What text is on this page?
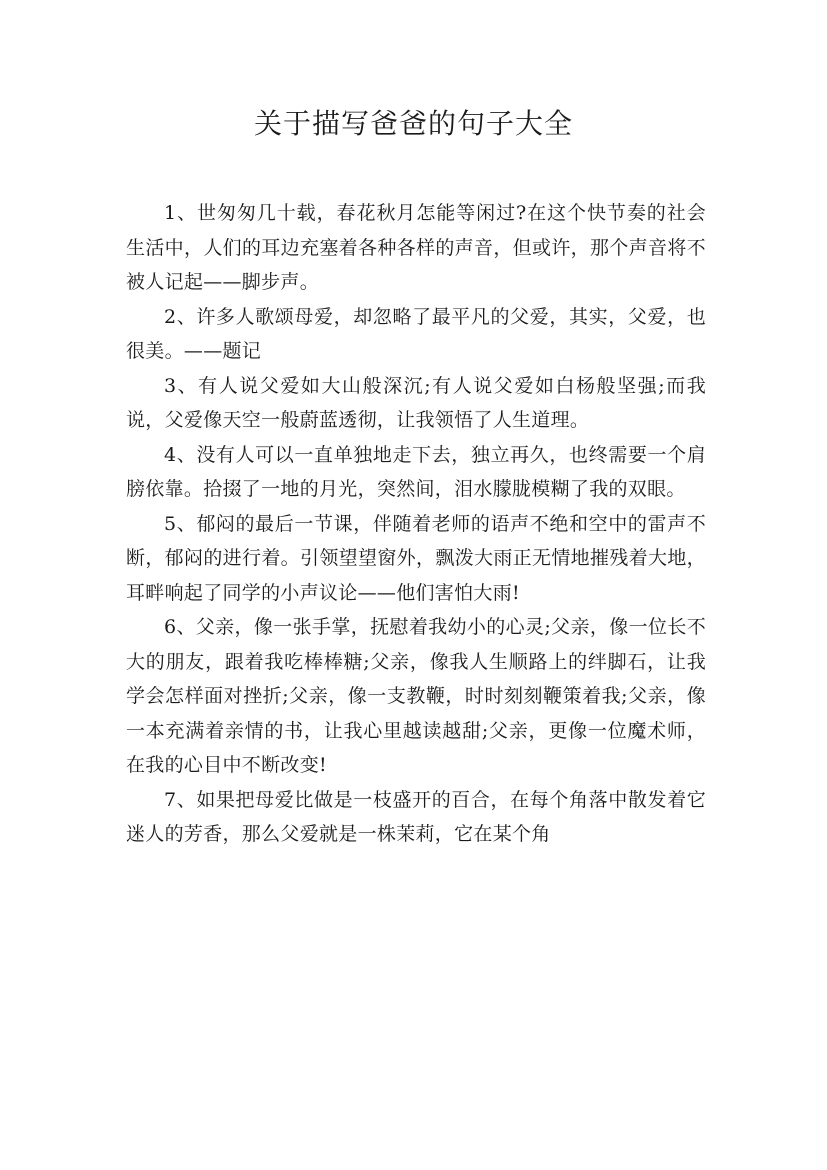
关于描写爸爸的句子大全

1、世匆匆几十载，春花秋月怎能等闲过?在这个快节奏的社会生活中，人们的耳边充塞着各种各样的声音，但或许，那个声音将不被人记起——脚步声。

2、许多人歌颂母爱，却忽略了最平凡的父爱，其实，父爱，也很美。——题记

3、有人说父爱如大山般深沉;有人说父爱如白杨般坚强;而我说，父爱像天空一般蔚蓝透彻，让我领悟了人生道理。

4、没有人可以一直单独地走下去，独立再久，也终需要一个肩膀依靠。拾掇了一地的月光，突然间，泪水朦胧模糊了我的双眼。

5、郁闷的最后一节课，伴随着老师的语声不绝和空中的雷声不断，郁闷的进行着。引领望望窗外，飘泼大雨正无情地摧残着大地，耳畔响起了同学的小声议论——他们害怕大雨!

6、父亲，像一张手掌，抚慰着我幼小的心灵;父亲，像一位长不大的朋友，跟着我吃棒棒糖;父亲，像我人生顺路上的绊脚石，让我学会怎样面对挫折;父亲，像一支教鞭，时时刻刻鞭策着我;父亲，像一本充满着亲情的书，让我心里越读越甜;父亲，更像一位魔术师，在我的心目中不断改变!

7、如果把母爱比做是一枝盛开的百合，在每个角落中散发着它迷人的芳香，那么父爱就是一株茉莉，它在某个角
